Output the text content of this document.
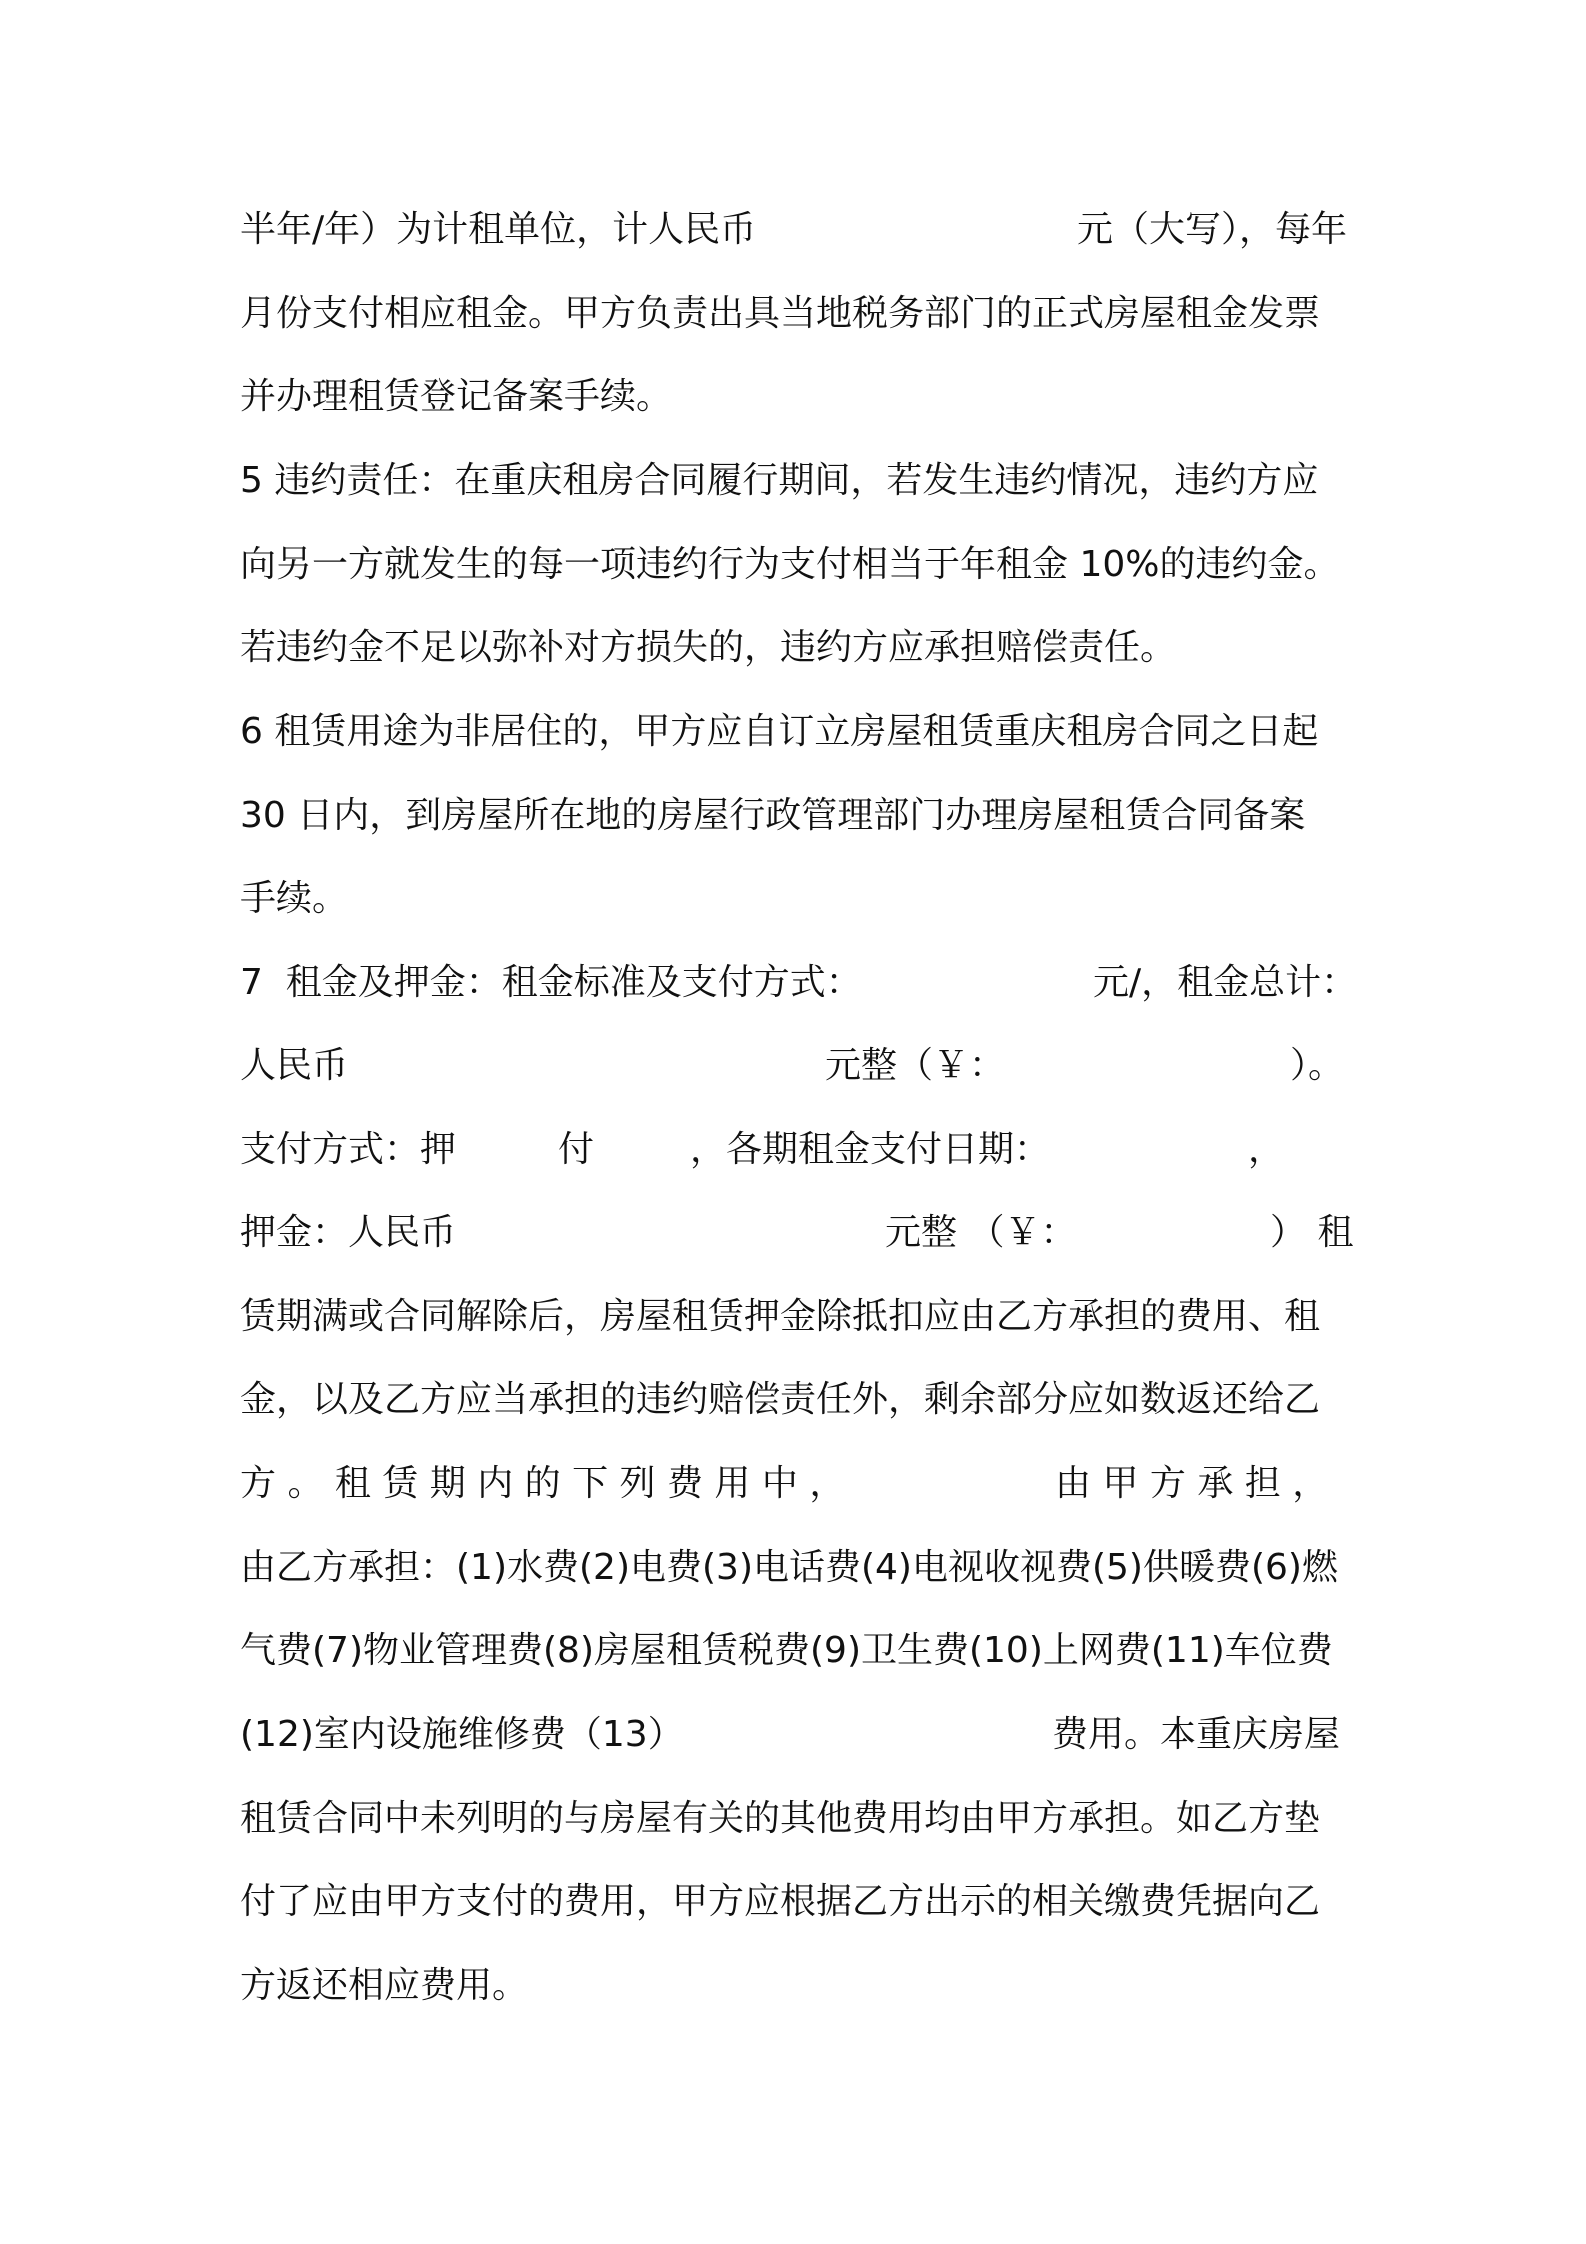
半年/年）为计租单位，计人民币

	元（大写），每年

月份支付相应租金。甲方负责出具当地税务部门的正式房屋租金发票
并办理租赁登记备案手续。
5 违约责任：在重庆租房合同履行期间，若发生违约情况，违约方应
向另一方就发生的每一项违约行为支付相当于年租金 10%的违约金。
若违约金不足以弥补对方损失的，违约方应承担赔偿责任。
6 租赁用途为非居住的，甲方应自订立房屋租赁重庆租房合同之日起
30 日内，到房屋所在地的房屋行政管理部门办理房屋租赁合同备案
手续。

7  租金及押金：租金标准及支付方式：

	元/，租金总计：

人民币

	元整（￥：

	）。

支付方式：押

	付

	，各期租金支付日期：

	，

押金：人民币

	元整 （￥：

	） 租

赁期满或合同解除后，房屋租赁押金除抵扣应由乙方承担的费用、租
金，以及乙方应当承担的违约赔偿责任外，剩余部分应如数返还给乙

方 。 租 赁 期 内 的 下 列 费 用 中 ，

	由 甲 方 承 担 ，

由乙方承担：(1)水费(2)电费(3)电话费(4)电视收视费(5)供暖费(6)燃
气费(7)物业管理费(8)房屋租赁税费(9)卫生费(10)上网费(11)车位费

(12)室内设施维修费（13）

	费用。本重庆房屋

租赁合同中未列明的与房屋有关的其他费用均由甲方承担。如乙方垫
付了应由甲方支付的费用，甲方应根据乙方出示的相关缴费凭据向乙
方返还相应费用。
